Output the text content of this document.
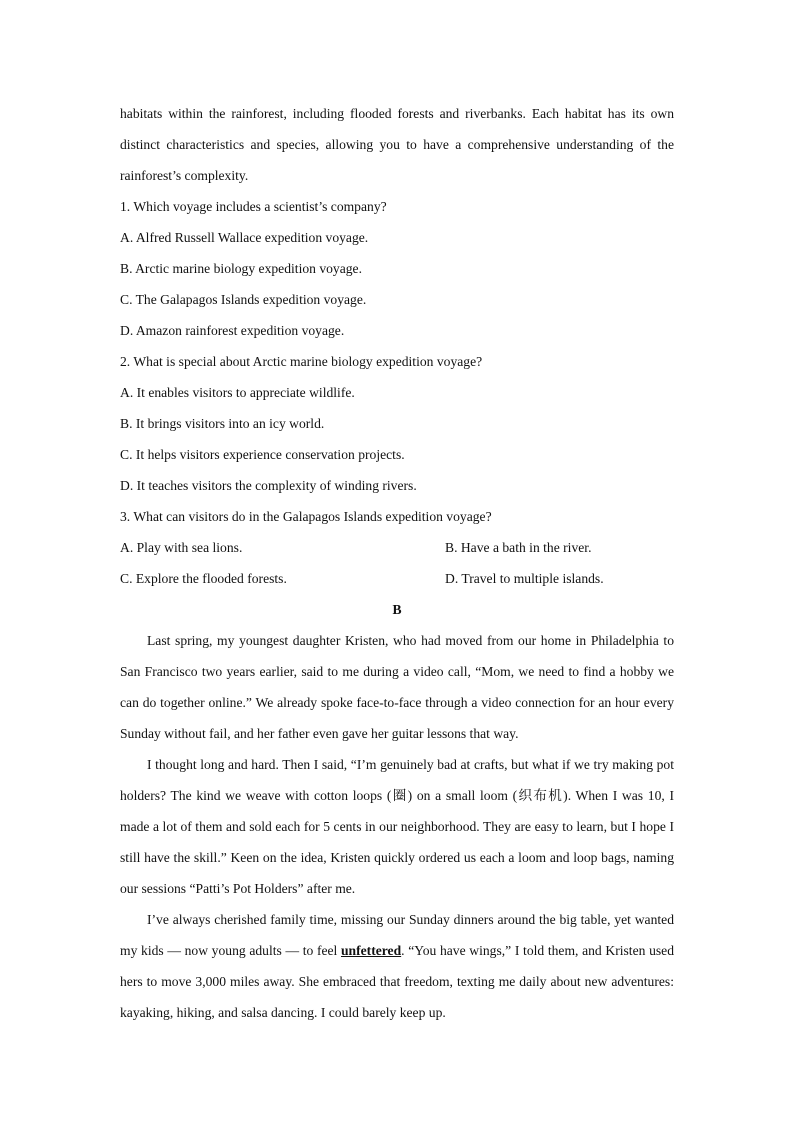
habitats within the rainforest, including flooded forests and riverbanks. Each habitat has its own distinct characteristics and species, allowing you to have a comprehensive understanding of the rainforest’s complexity.

1. Which voyage includes a scientist’s company?

A. Alfred Russell Wallace expedition voyage.

B. Arctic marine biology expedition voyage.

C. The Galapagos Islands expedition voyage.

D. Amazon rainforest expedition voyage.

2. What is special about Arctic marine biology expedition voyage?

A. It enables visitors to appreciate wildlife.

B. It brings visitors into an icy world.

C. It helps visitors experience conservation projects.

D. It teaches visitors the complexity of winding rivers.

3. What can visitors do in the Galapagos Islands expedition voyage?

A. Play with sea lions.	B. Have a bath in the river.
C. Explore the flooded forests.	D. Travel to multiple islands.

B

Last spring, my youngest daughter Kristen, who had moved from our home in Philadelphia to San Francisco two years earlier, said to me during a video call, “Mom, we need to find a hobby we can do together online.” We already spoke face-to-face through a video connection for an hour every Sunday without fail, and her father even gave her guitar lessons that way.

I thought long and hard. Then I said, “I’m genuinely bad at crafts, but what if we try making pot holders? The kind we weave with cotton loops (圈) on a small loom (织布机). When I was 10, I made a lot of them and sold each for 5 cents in our neighborhood. They are easy to learn, but I hope I still have the skill.” Keen on the idea, Kristen quickly ordered us each a loom and loop bags, naming our sessions “Patti’s Pot Holders” after me.

I’ve always cherished family time, missing our Sunday dinners around the big table, yet wanted my kids — now young adults — to feel unfettered. “You have wings,” I told them, and Kristen used hers to move 3,000 miles away. She embraced that freedom, texting me daily about new adventures: kayaking, hiking, and salsa dancing. I could barely keep up.
